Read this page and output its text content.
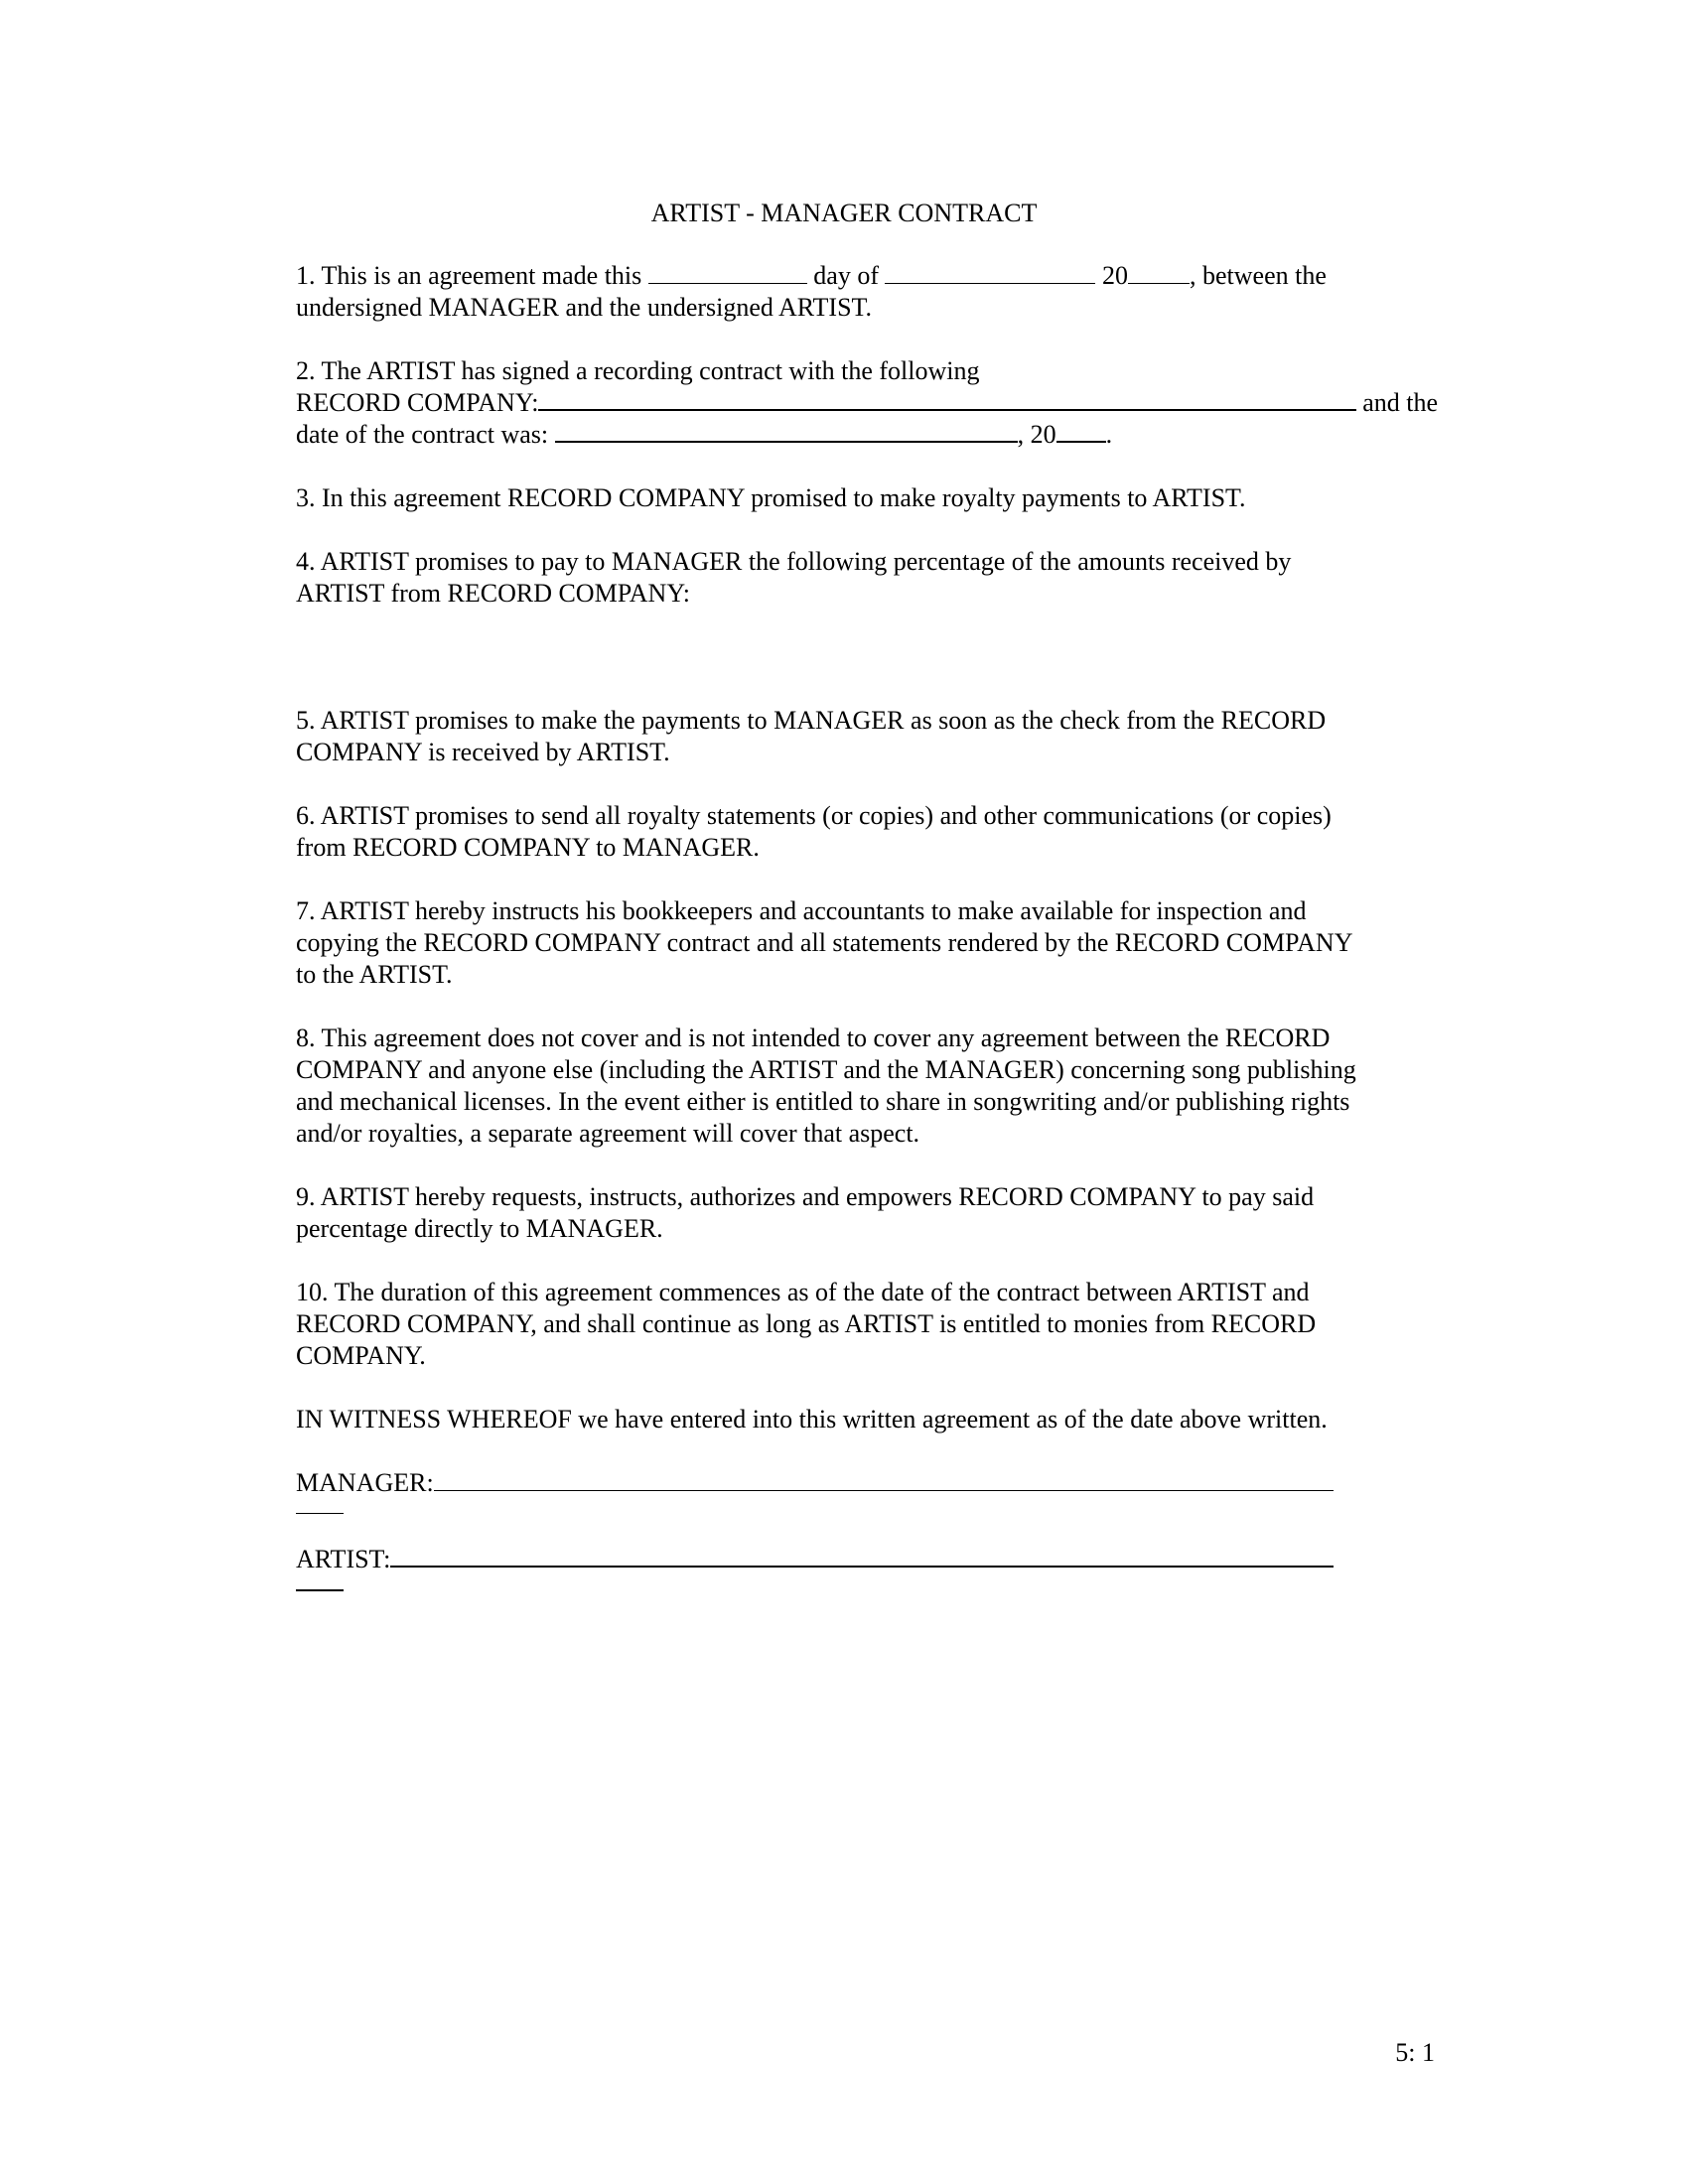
ARTIST - MANAGER CONTRACT
1. This is an agreement made this	day of	20 , between the
undersigned MANAGER and the undersigned ARTIST.
2. The ARTIST has signed a recording contract with the following
RECORD COMPANY:	and the
date of the contract was:	, 20 .
3. In this agreement RECORD COMPANY promised to make royalty payments to ARTIST.
4. ARTIST promises to pay to MANAGER the following percentage of the amounts received by
ARTIST from RECORD COMPANY:
5. ARTIST promises to make the payments to MANAGER as soon as the check from the RECORD
COMPANY is received by ARTIST.
6. ARTIST promises to send all royalty statements (or copies) and other communications (or copies)
from RECORD COMPANY to MANAGER.
7. ARTIST hereby instructs his bookkeepers and accountants to make available for inspection and
copying the RECORD COMPANY contract and all statements rendered by the RECORD COMPANY
to the ARTIST.
8. This agreement does not cover and is not intended to cover any agreement between the RECORD
COMPANY and anyone else (including the ARTIST and the MANAGER) concerning song publishing
and mechanical licenses. In the event either is entitled to share in songwriting and/or publishing rights
and/or royalties, a separate agreement will cover that aspect.
9. ARTIST hereby requests, instructs, authorizes and empowers RECORD COMPANY to pay said
percentage directly to MANAGER.
10. The duration of this agreement commences as of the date of the contract between ARTIST and
RECORD COMPANY, and shall continue as long as ARTIST is entitled to monies from RECORD
COMPANY.
IN WITNESS WHEREOF we have entered into this written agreement as of the date above written.
MANAGER:
ARTIST:
5: 1
